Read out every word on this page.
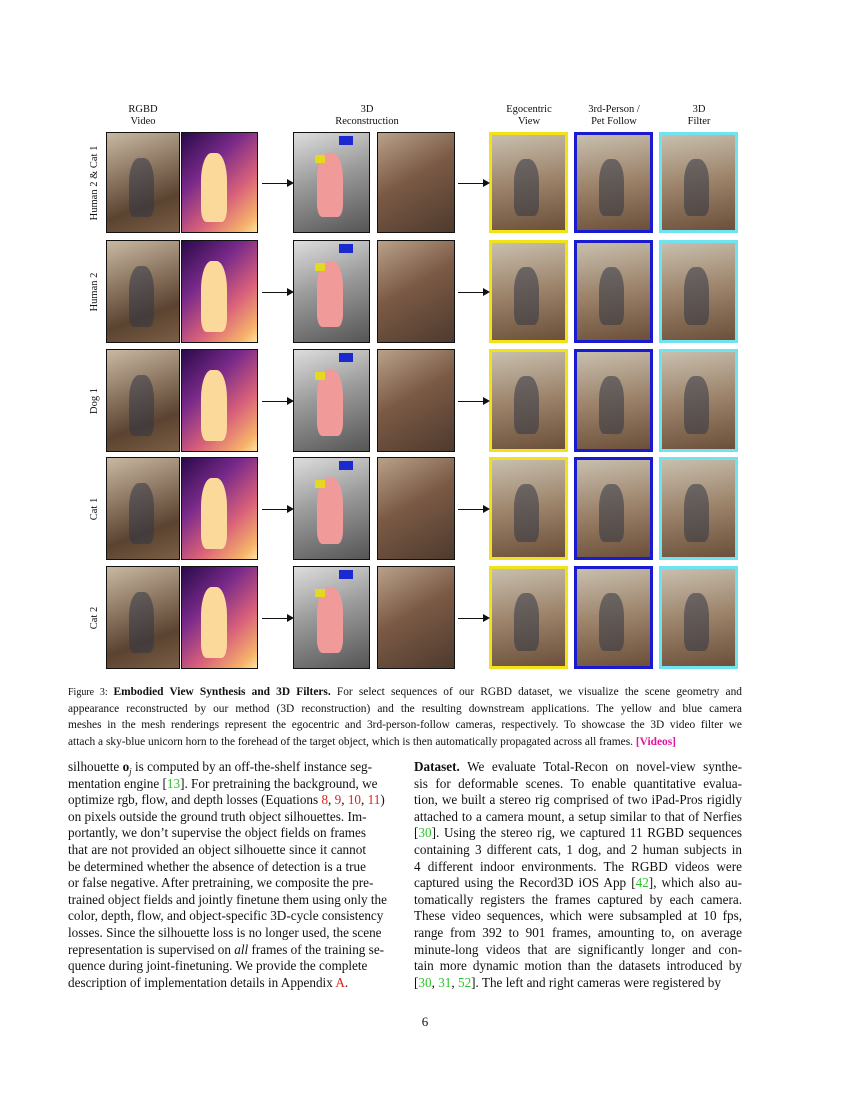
RGBD
Video
3D
Reconstruction
Egocentric
View
3rd-Person /
Pet Follow
3D
Filter
Human 2 & Cat 1
Human 2
Dog 1
Cat 1
Cat 2
Figure 3: Embodied View Synthesis and 3D Filters. For select sequences of our RGBD dataset, we visualize the scene geometry and
appearance reconstructed by our method (3D reconstruction) and the resulting downstream applications. The yellow and blue camera
meshes in the mesh renderings represent the egocentric and 3rd-person-follow cameras, respectively. To showcase the 3D video filter we
attach a sky-blue unicorn horn to the forehead of the target object, which is then automatically propagated across all frames. [Videos]
silhouette $o_j$ is computed by an off-the-shelf instance seg-
mentation engine [13]. For pretraining the background, we
optimize rgb, flow, and depth losses (Equations 8, 9, 10, 11)
on pixels outside the ground truth object silhouettes. Im-
portantly, we don’t supervise the object fields on frames
that are not provided an object silhouette since it cannot
be determined whether the absence of detection is a true
or false negative. After pretraining, we composite the pre-
trained object fields and jointly finetune them using only the
color, depth, flow, and object-specific 3D-cycle consistency
losses. Since the silhouette loss is no longer used, the scene
representation is supervised on all frames of the training se-
quence during joint-finetuning. We provide the complete
description of implementation details in Appendix A.
Dataset. We evaluate Total-Recon on novel-view synthe-
sis for deformable scenes. To enable quantitative evalua-
tion, we built a stereo rig comprised of two iPad-Pros rigidly
attached to a camera mount, a setup similar to that of Nerfies
[30]. Using the stereo rig, we captured 11 RGBD sequences
containing 3 different cats, 1 dog, and 2 human subjects in
4 different indoor environments. The RGBD videos were
captured using the Record3D iOS App [42], which also au-
tomatically registers the frames captured by each camera.
These video sequences, which were subsampled at 10 fps,
range from 392 to 901 frames, amounting to, on average
minute-long videos that are significantly longer and con-
tain more dynamic motion than the datasets introduced by
[30, 31, 52]. The left and right cameras were registered by
6
